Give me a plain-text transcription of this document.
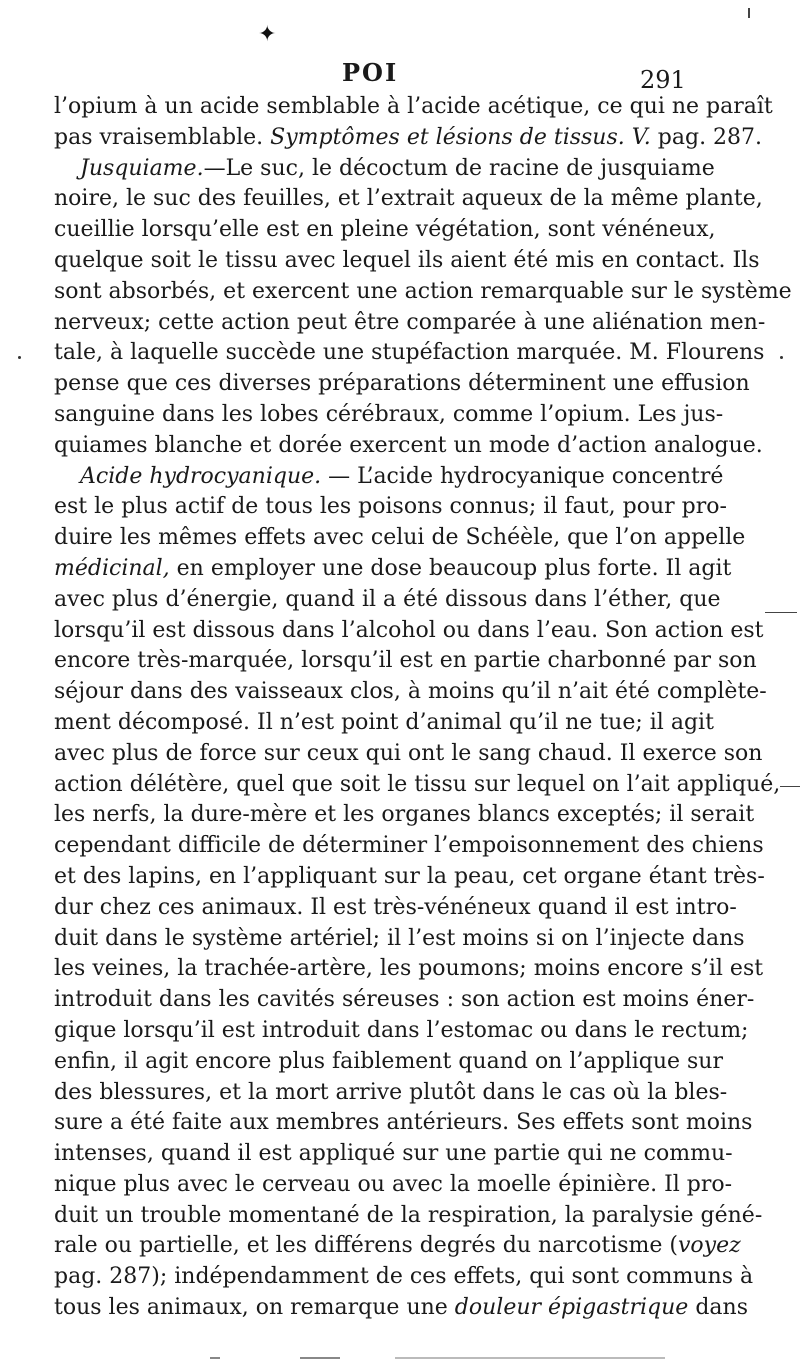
✦
POI	291
l’opium à un acide semblable à l’acide acétique, ce qui ne paraît
pas vraisemblable. Symptômes et lésions de tissus. V. pag. 287.
Jusquiame.—Le suc, le décoctum de racine de jusquiame
noire, le suc des feuilles, et l’extrait aqueux de la même plante,
cueillie lorsqu’elle est en pleine végétation, sont vénéneux,
quelque soit le tissu avec lequel ils aient été mis en contact. Ils
sont absorbés, et exercent une action remarquable sur le système
nerveux; cette action peut être comparée à une aliénation men-
tale, à laquelle succède une stupéfaction marquée. M. Flourens
pense que ces diverses préparations déterminent une effusion
sanguine dans les lobes cérébraux, comme l’opium. Les jus-
quiames blanche et dorée exercent un mode d’action analogue.
Acide hydrocyanique. — L’acide hydrocyanique concentré
est le plus actif de tous les poisons connus; il faut, pour pro-
duire les mêmes effets avec celui de Schéèle, que l’on appelle
médicinal, en employer une dose beaucoup plus forte. Il agit
avec plus d’énergie, quand il a été dissous dans l’éther, que
lorsqu’il est dissous dans l’alcohol ou dans l’eau. Son action est
encore très-marquée, lorsqu’il est en partie charbonné par son
séjour dans des vaisseaux clos, à moins qu’il n’ait été complète-
ment décomposé. Il n’est point d’animal qu’il ne tue; il agit
avec plus de force sur ceux qui ont le sang chaud. Il exerce son
action délétère, quel que soit le tissu sur lequel on l’ait appliqué,
les nerfs, la dure-mère et les organes blancs exceptés; il serait
cependant difficile de déterminer l’empoisonnement des chiens
et des lapins, en l’appliquant sur la peau, cet organe étant très-
dur chez ces animaux. Il est très-vénéneux quand il est intro-
duit dans le système artériel; il l’est moins si on l’injecte dans
les veines, la trachée-artère, les poumons; moins encore s’il est
introduit dans les cavités séreuses : son action est moins éner-
gique lorsqu’il est introduit dans l’estomac ou dans le rectum;
enfin, il agit encore plus faiblement quand on l’applique sur
des blessures, et la mort arrive plutôt dans le cas où la bles-
sure a été faite aux membres antérieurs. Ses effets sont moins
intenses, quand il est appliqué sur une partie qui ne commu-
nique plus avec le cerveau ou avec la moelle épinière. Il pro-
duit un trouble momentané de la respiration, la paralysie géné-
rale ou partielle, et les différens degrés du narcotisme (voyez
pag. 287); indépendamment de ces effets, qui sont communs à
tous les animaux, on remarque une douleur épigastrique dans
